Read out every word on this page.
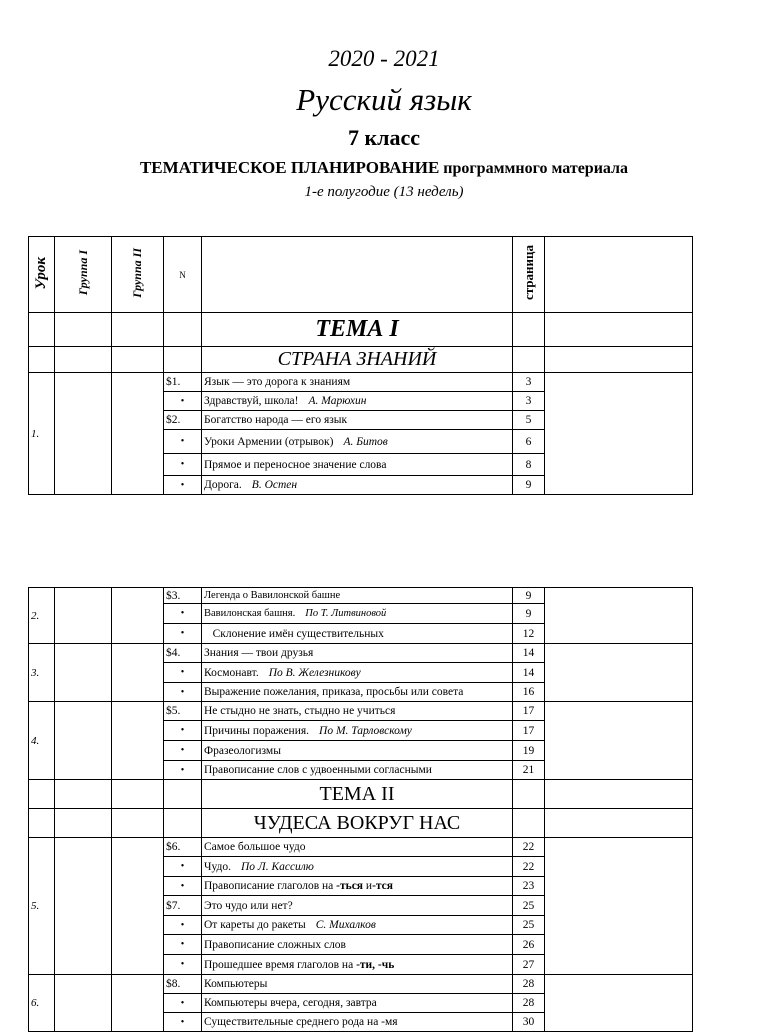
2020 - 2021
Русский язык
7 класс
ТЕМАТИЧЕСКОЕ ПЛАНИРОВАНИЕ программного материала
1-е полугодие (13 недель)
Урок	Группа I	Группа II	N		страница	
				ТЕМА I		
				СТРАНА ЗНАНИЙ		
1.			$1.	Язык — это дорога к знаниям	3	
			•	Здравствуй, школа! А. Марюхин	3	
			$2.	Богатство народа — его язык	5	
			•	Уроки Армении (отрывок) А. Битов	6	
			•	Прямое и переносное значение слова	8	
			•	Дорога. В. Остен	9	
2.			$3.	Легенда о Вавилонской башне	9	
			•	Вавилонская башня. По Т. Литвиновой	9	
			•	Склонение имён существительных	12	
3.			$4.	Знания — твои друзья	14	
			•	Космонавт. По В. Железникову	14	
			•	Выражение пожелания, приказа, просьбы или совета	16	
4.			$5.	Не стыдно не знать, стыдно не учиться	17	
			•	Причины поражения. По М. Тарловскому	17	
			•	Фразеологизмы	19	
			•	Правописание слов с удвоенными согласными	21	
				ТЕМА II		
				ЧУДЕСА ВОКРУГ НАС		
5.			$6.	Самое большое чудо	22	
			•	Чудо. По Л. Кассилю	22	
			•	Правописание глаголов на -ться и-тся	23	
			$7.	Это чудо или нет?	25	
			•	От кареты до ракеты С. Михалков	25	
			•	Правописание сложных слов	26	
			•	Прошедшее время глаголов на -ти, -чь	27	
6.			$8.	Компьютеры	28	
			•	Компьютеры вчера, сегодня, завтра	28	
			•	Существительные среднего рода на -мя	30	
